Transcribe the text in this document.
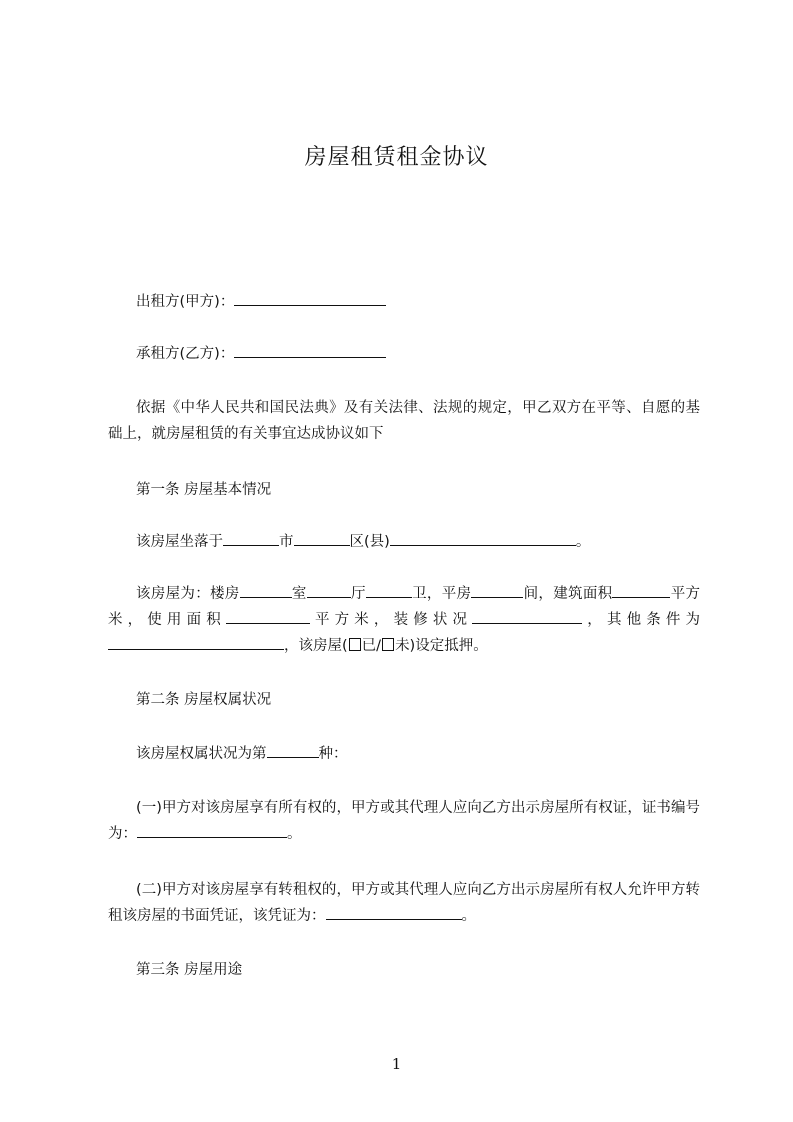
房屋租赁租金协议
出租方(甲方)：
承租方(乙方)：
依据《中华人民共和国民法典》及有关法律、法规的规定，甲乙双方在平等、自愿的基础上，就房屋租赁的有关事宜达成协议如下
第一条 房屋基本情况
该房屋坐落于	市	区(县)	。
该房屋为：楼房	室	厅	卫，平房	间，建筑面积	平方米，使用面积	平方米，装修状况	，其他条件为，该房屋( 已/ 未)设定抵押。
第二条 房屋权属状况
该房屋权属状况为第	种：
(一)甲方对该房屋享有所有权的，甲方或其代理人应向乙方出示房屋所有权证，证书编号为：	。
(二)甲方对该房屋享有转租权的，甲方或其代理人应向乙方出示房屋所有权人允许甲方转租该房屋的书面凭证，该凭证为：	。
第三条 房屋用途
1
